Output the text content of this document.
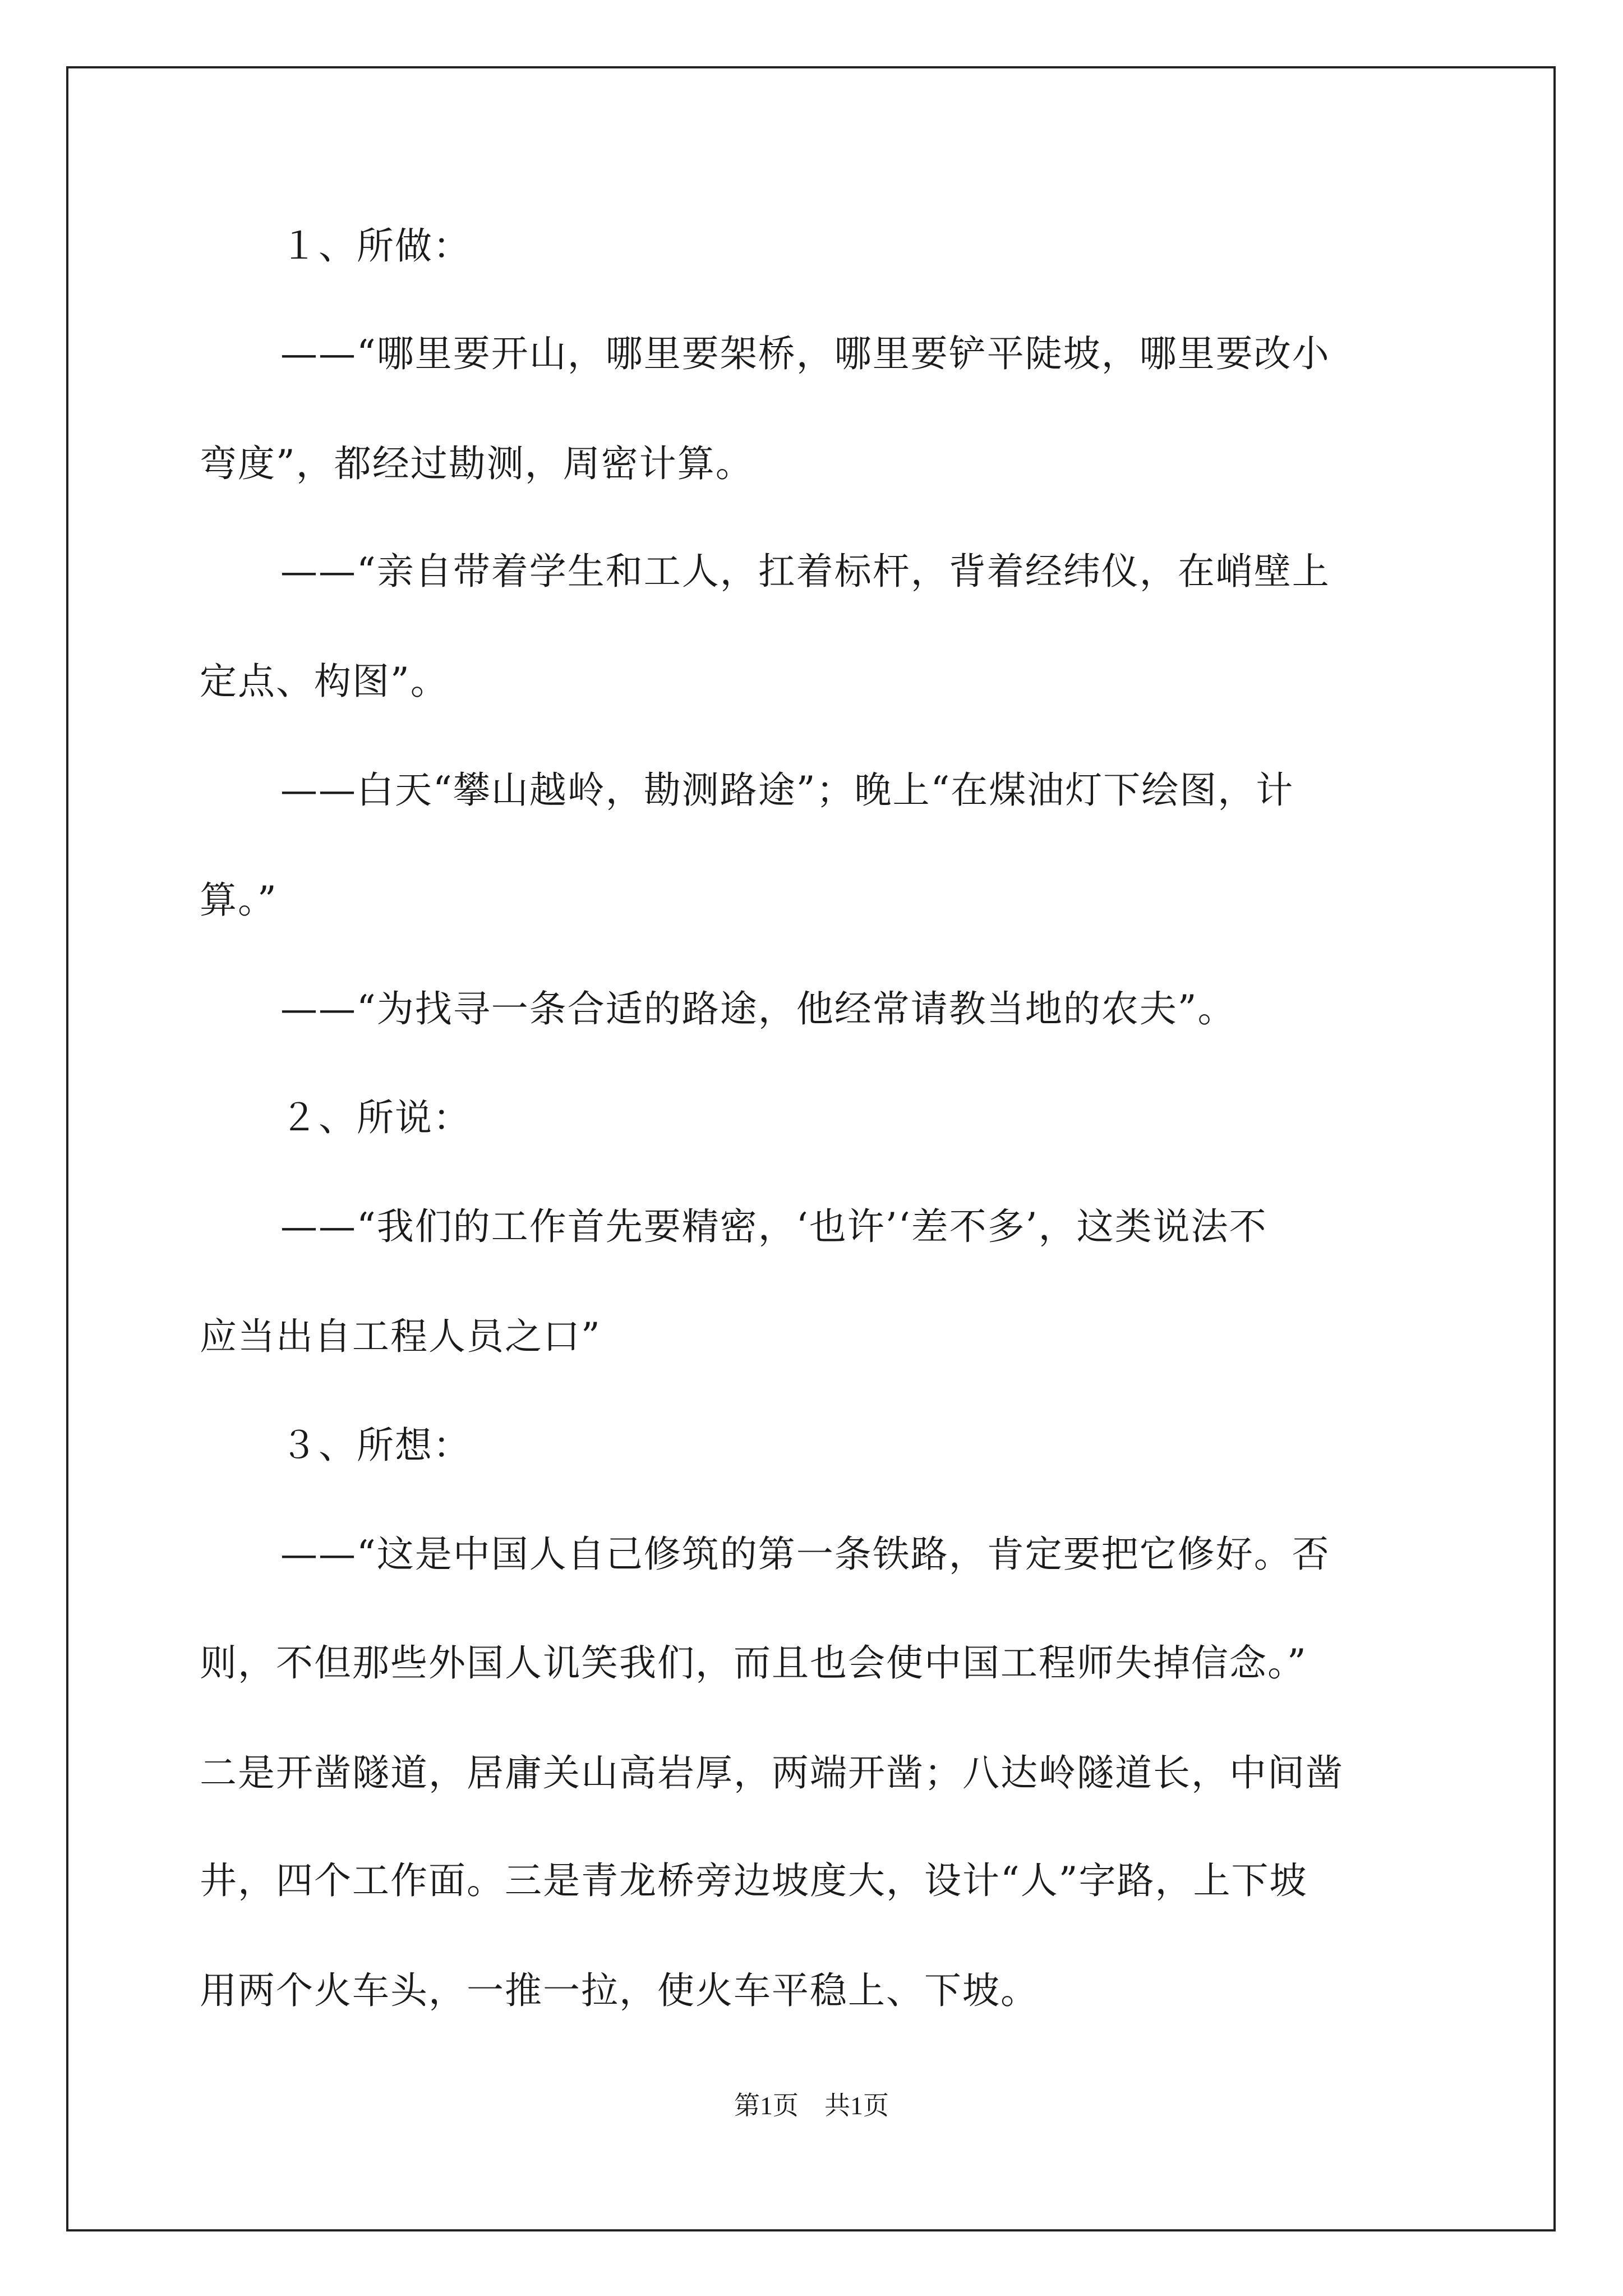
１、所做：
——“哪里要开山，哪里要架桥，哪里要铲平陡坡，哪里要改小
弯度”，都经过勘测，周密计算。
——“亲自带着学生和工人，扛着标杆，背着经纬仪，在峭壁上
定点、构图”。
——白天“攀山越岭，勘测路途”；晚上“在煤油灯下绘图，计
算。”
——“为找寻一条合适的路途，他经常请教当地的农夫”。
２、所说：
——“我们的工作首先要精密，‘也许’‘差不多’，这类说法不
应当出自工程人员之口”
３、所想：
——“这是中国人自己修筑的第一条铁路，肯定要把它修好。否
则，不但那些外国人讥笑我们，而且也会使中国工程师失掉信念。”
二是开凿隧道，居庸关山高岩厚，两端开凿；八达岭隧道长，中间凿
井，四个工作面。三是青龙桥旁边坡度大，设计“人”字路，上下坡
用两个火车头，一推一拉，使火车平稳上、下坡。
第1页　共1页
